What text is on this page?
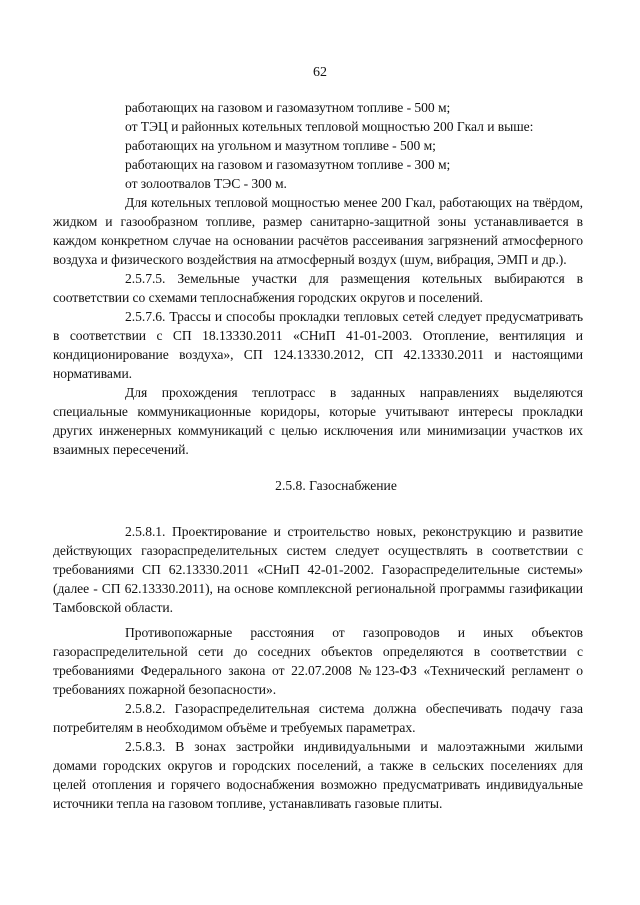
62

работающих на газовом и газомазутном топливе - 500 м;

от ТЭЦ и районных котельных тепловой мощностью 200 Гкал и выше:

работающих на угольном и мазутном топливе - 500 м;

работающих на газовом и газомазутном топливе - 300 м;

от золоотвалов ТЭС - 300 м.

Для котельных тепловой мощностью менее 200 Гкал, работающих на твёрдом, жидком и газообразном топливе, размер санитарно-защитной зоны устанавливается в каждом конкретном случае на основании расчётов рассеивания загрязнений атмосферного воздуха и физического воздействия на атмосферный воздух (шум, вибрация, ЭМП и др.).

2.5.7.5. Земельные участки для размещения котельных выбираются в соответствии со схемами теплоснабжения городских округов и поселений.

2.5.7.6. Трассы и способы прокладки тепловых сетей следует предусматривать в соответствии с СП 18.13330.2011 «СНиП 41-01-2003. Отопление, вентиляция и кондиционирование воздуха», СП 124.13330.2012, СП 42.13330.2011 и настоящими нормативами.

Для прохождения теплотрасс в заданных направлениях выделяются специальные коммуникационные коридоры, которые учитывают интересы прокладки других инженерных коммуникаций с целью исключения или минимизации участков их взаимных пересечений.

2.5.8. Газоснабжение

2.5.8.1. Проектирование и строительство новых, реконструкцию и развитие действующих газораспределительных систем следует осуществлять в соответствии с требованиями СП 62.13330.2011 «СНиП 42-01-2002. Газораспределительные системы» (далее - СП 62.13330.2011), на основе комплексной региональной программы газификации Тамбовской области.

Противопожарные расстояния от газопроводов и иных объектов газораспределительной сети до соседних объектов определяются в соответствии с требованиями Федерального закона от 22.07.2008 №123-ФЗ «Технический регламент о требованиях пожарной безопасности».

2.5.8.2. Газораспределительная система должна обеспечивать подачу газа потребителям в необходимом объёме и требуемых параметрах.

2.5.8.3. В зонах застройки индивидуальными и малоэтажными жилыми домами городских округов и городских поселений, а также в сельских поселениях для целей отопления и горячего водоснабжения возможно предусматривать индивидуальные источники тепла на газовом топливе, устанавливать газовые плиты.
